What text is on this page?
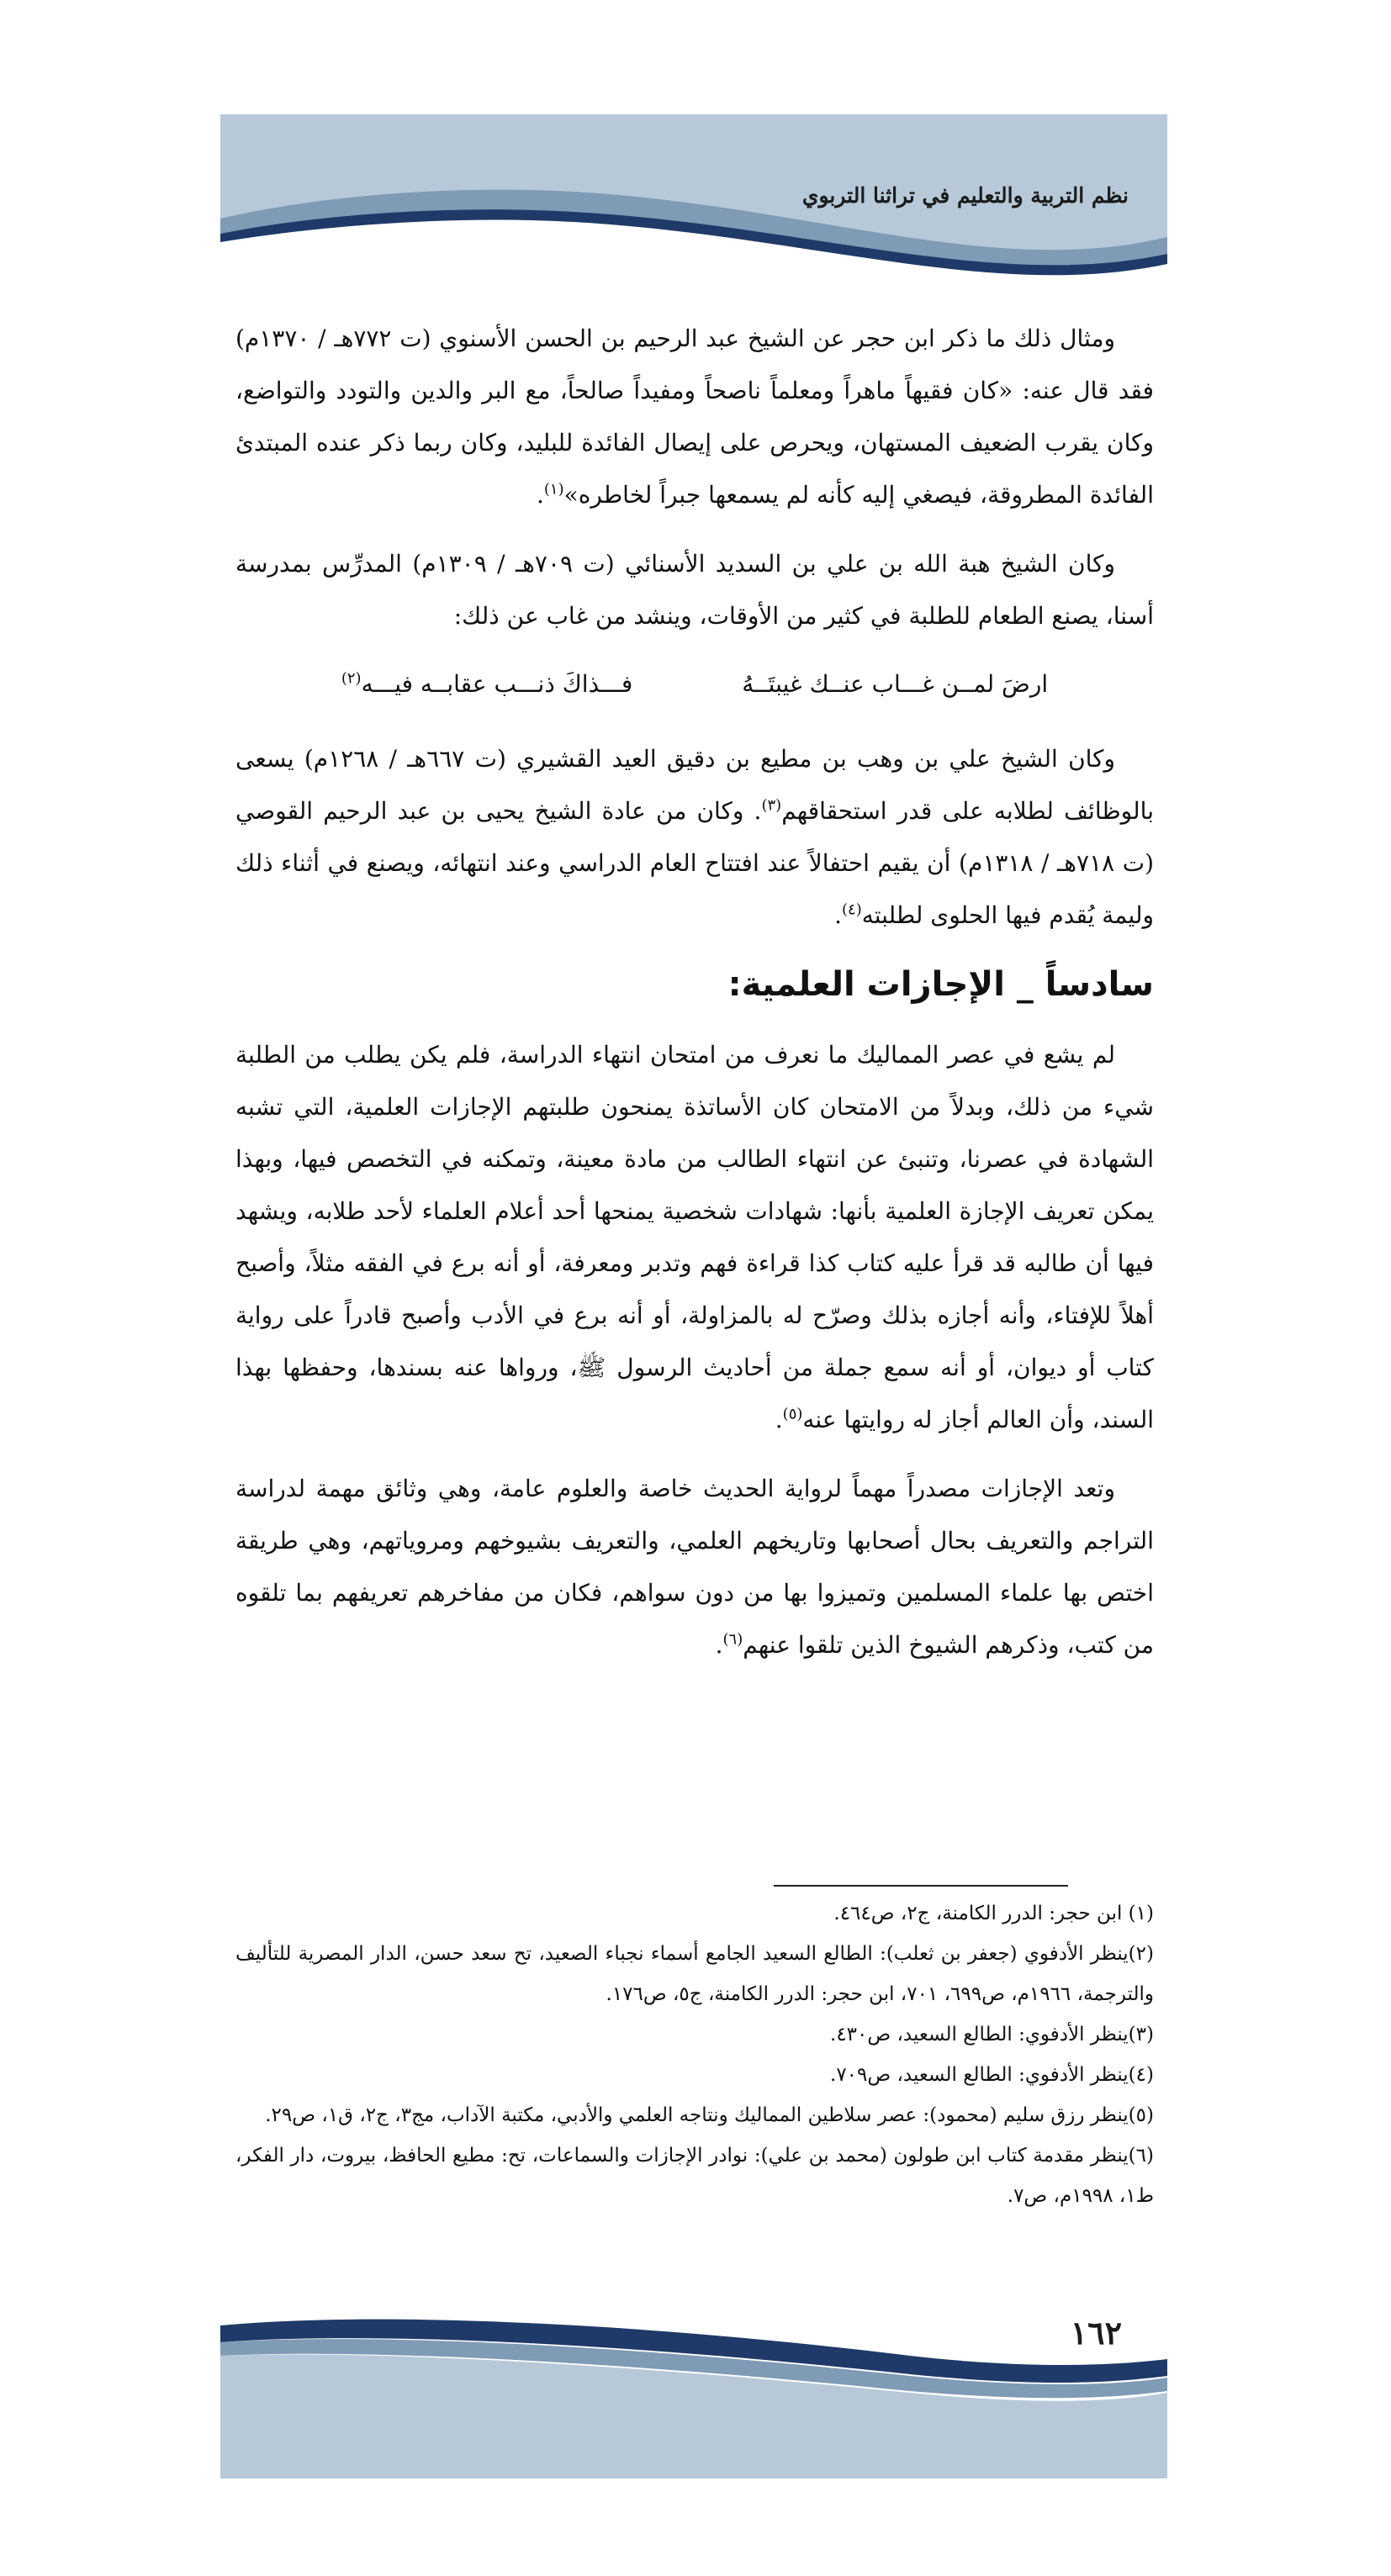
نظم التربية والتعليم في تراثنا التربوي

ومثال ذلك ما ذكر ابن حجر عن الشيخ عبد الرحيم بن الحسن الأسنوي (ت ٧٧٢هـ / ١٣٧٠م) فقد قال عنه: «كان فقيهاً ماهراً ومعلماً ناصحاً ومفيداً صالحاً، مع البر والدين والتودد والتواضع، وكان يقرب الضعيف المستهان، ويحرص على إيصال الفائدة للبليد، وكان ربما ذكر عنده المبتدئ الفائدة المطروقة، فيصغي إليه كأنه لم يسمعها جبراً لخاطره»$^{(١)}$.

وكان الشيخ هبة الله بن علي بن السديد الأسنائي (ت ٧٠٩هـ / ١٣٠٩م) المدرِّس بمدرسة أسنا، يصنع الطعام للطلبة في كثير من الأوقات، وينشد من غاب عن ذلك:

ارضَ لمــن غـــاب عنــك غيبتَــهُ
فـــذاكَ ذنـــب عقابــه فيـــه$^{(٢)}$

وكان الشيخ علي بن وهب بن مطيع بن دقيق العيد القشيري (ت ٦٦٧هـ / ١٢٦٨م) يسعى بالوظائف لطلابه على قدر استحقاقهم$^{(٣)}$. وكان من عادة الشيخ يحيى بن عبد الرحيم القوصي (ت ٧١٨هـ / ١٣١٨م) أن يقيم احتفالاً عند افتتاح العام الدراسي وعند انتهائه، ويصنع في أثناء ذلك وليمة يُقدم فيها الحلوى لطلبته$^{(٤)}$.

سادساً _ الإجازات العلمية:

لم يشع في عصر المماليك ما نعرف من امتحان انتهاء الدراسة، فلم يكن يطلب من الطلبة شيء من ذلك، وبدلاً من الامتحان كان الأساتذة يمنحون طلبتهم الإجازات العلمية، التي تشبه الشهادة في عصرنا، وتنبئ عن انتهاء الطالب من مادة معينة، وتمكنه في التخصص فيها، وبهذا يمكن تعريف الإجازة العلمية بأنها: شهادات شخصية يمنحها أحد أعلام العلماء لأحد طلابه، ويشهد فيها أن طالبه قد قرأ عليه كتاب كذا قراءة فهم وتدبر ومعرفة، أو أنه برع في الفقه مثلاً، وأصبح أهلاً للإفتاء، وأنه أجازه بذلك وصرّح له بالمزاولة، أو أنه برع في الأدب وأصبح قادراً على رواية كتاب أو ديوان، أو أنه سمع جملة من أحاديث الرسول ﷺ، ورواها عنه بسندها، وحفظها بهذا السند، وأن العالم أجاز له روايتها عنه$^{(٥)}$.

وتعد الإجازات مصدراً مهماً لرواية الحديث خاصة والعلوم عامة، وهي وثائق مهمة لدراسة التراجم والتعريف بحال أصحابها وتاريخهم العلمي، والتعريف بشيوخهم ومروياتهم، وهي طريقة اختص بها علماء المسلمين وتميزوا بها من دون سواهم، فكان من مفاخرهم تعريفهم بما تلقوه من كتب، وذكرهم الشيوخ الذين تلقوا عنهم$^{(٦)}$.

(١) ابن حجر: الدرر الكامنة، ج٢، ص٤٦٤.

(٢)ينظر الأدفوي (جعفر بن ثعلب): الطالع السعيد الجامع أسماء نجباء الصعيد، تح سعد حسن، الدار المصرية للتأليف والترجمة، ١٩٦٦م، ص٦٩٩، ٧٠١، ابن حجر: الدرر الكامنة، ج٥، ص١٧٦.

(٣)ينظر الأدفوي: الطالع السعيد، ص٤٣٠.

(٤)ينظر الأدفوي: الطالع السعيد، ص٧٠٩.

(٥)ينظر رزق سليم (محمود): عصر سلاطين المماليك ونتاجه العلمي والأدبي، مكتبة الآداب، مج٣، ج٢، ق١، ص٢٩.

(٦)ينظر مقدمة كتاب ابن طولون (محمد بن علي): نوادر الإجازات والسماعات، تح: مطيع الحافظ، بيروت، دار الفكر، ط١، ١٩٩٨م، ص٧.

١٦٢
